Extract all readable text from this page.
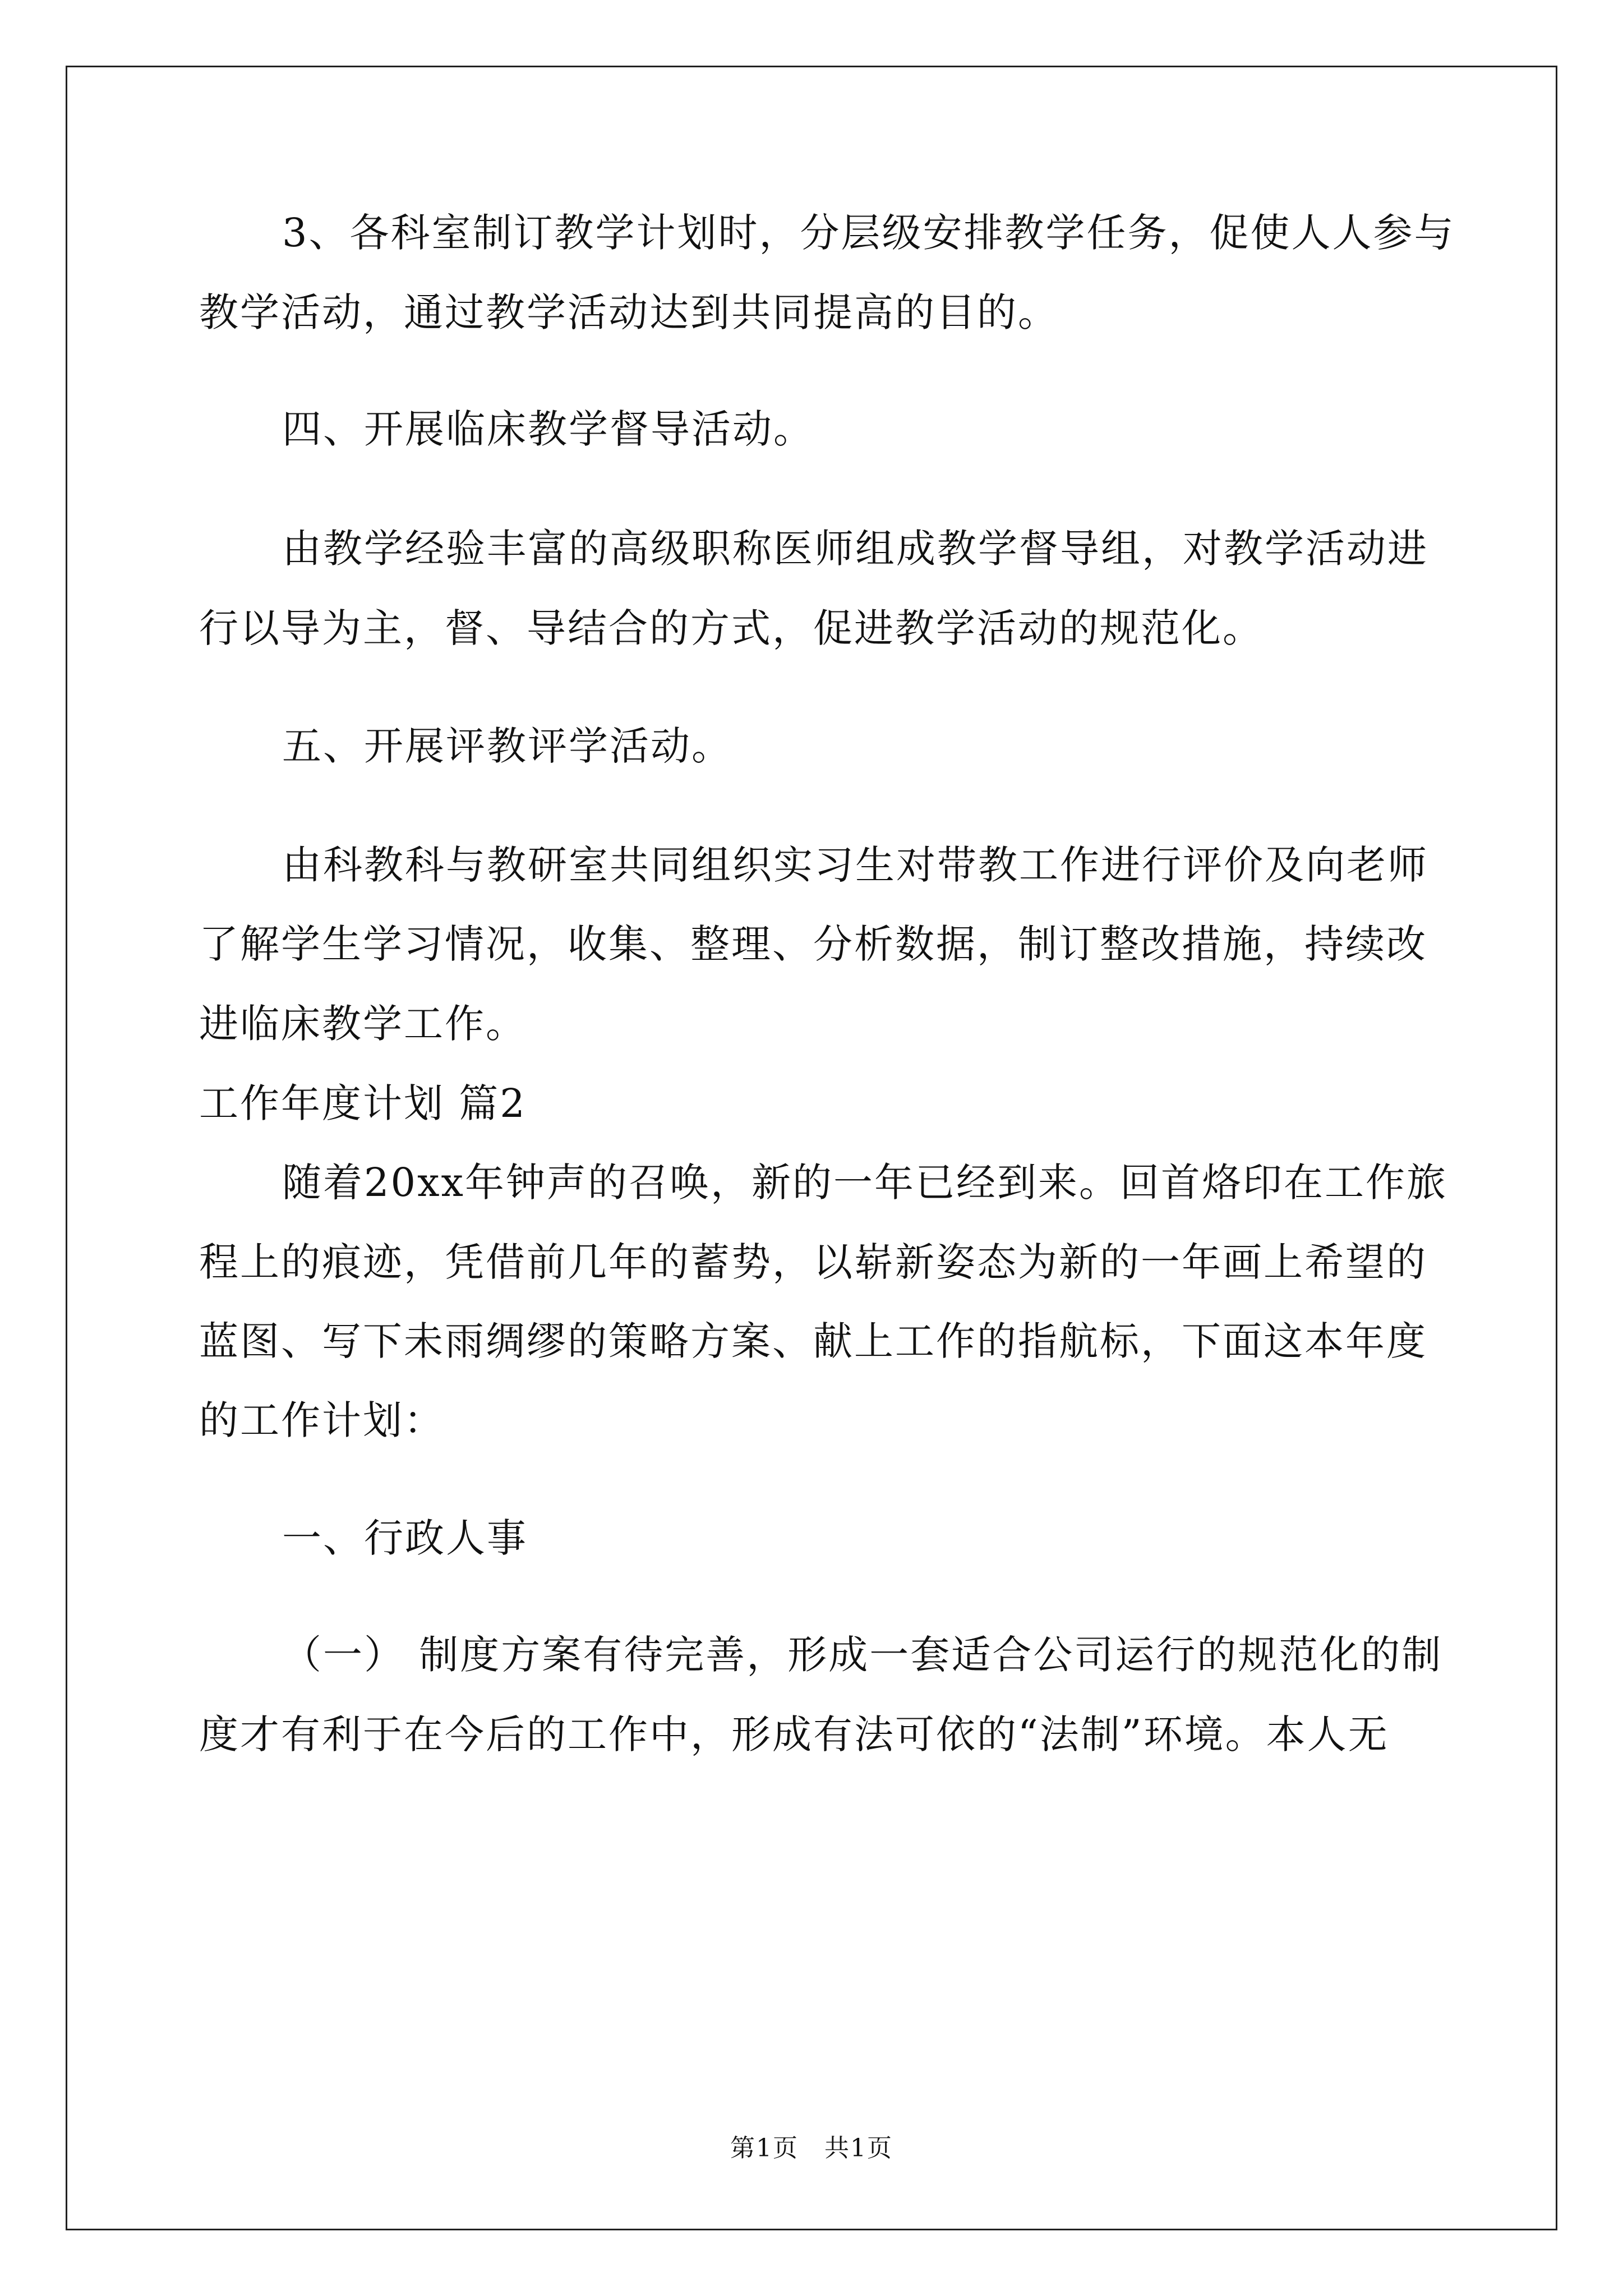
3、各科室制订教学计划时，分层级安排教学任务，促使人人参与
教学活动，通过教学活动达到共同提高的目的。
四、开展临床教学督导活动。
由教学经验丰富的高级职称医师组成教学督导组，对教学活动进
行以导为主，督、导结合的方式，促进教学活动的规范化。
五、开展评教评学活动。
由科教科与教研室共同组织实习生对带教工作进行评价及向老师
了解学生学习情况，收集、整理、分析数据，制订整改措施，持续改
进临床教学工作。
工作年度计划 篇2
随着20xx年钟声的召唤，新的一年已经到来。回首烙印在工作旅
程上的痕迹，凭借前几年的蓄势，以崭新姿态为新的一年画上希望的
蓝图、写下未雨绸缪的策略方案、献上工作的指航标，下面这本年度
的工作计划：
一、行政人事
（一） 制度方案有待完善，形成一套适合公司运行的规范化的制
度才有利于在今后的工作中，形成有法可依的“法制”环境。本人无
第1页　共1页
